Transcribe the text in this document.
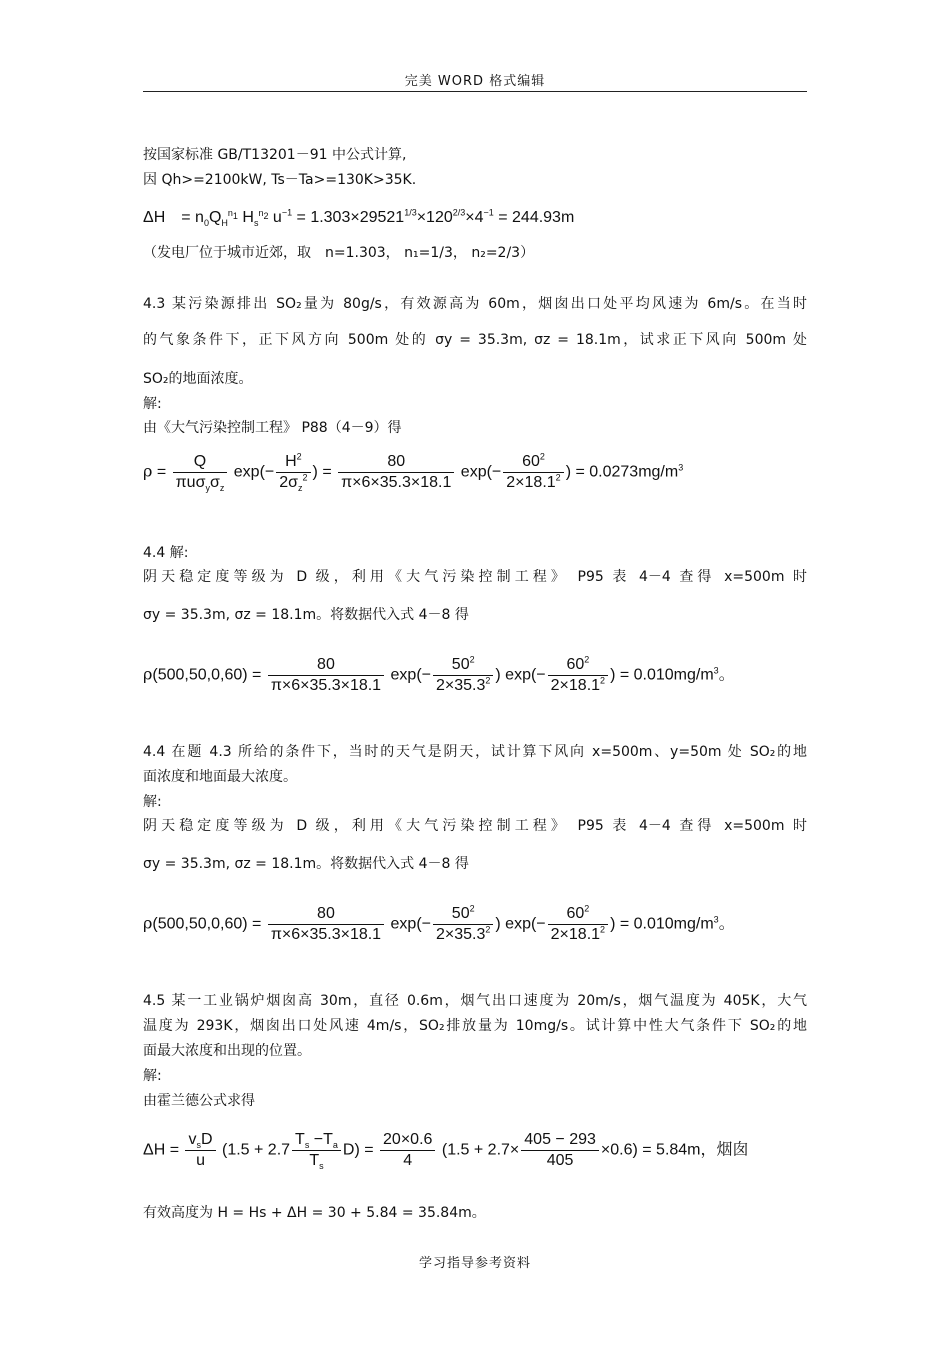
完美 WORD 格式编辑
按国家标准 GB/T13201－91 中公式计算,
因 Qh>=2100kW, Ts－Ta>=130K>35K.
ΔH　= $n_0Q_H^{n_1}$ $H_s^{n_2}$ $u^{-1} = 1.303\times 29521^{1/3}\times 120^{2/3}\times 4^{-1} = 244.93m$
（发电厂位于城市近郊，取　n=1.303， n₁=1/3， n₂=2/3）
4.3 某污染源排出 SO₂量为 80g/s，有效源高为 60m，烟囱出口处平均风速为 6m/s。在当时
的气象条件下，正下风方向 500m 处的 σy = 35.3m, σz = 18.1m，试求正下风向 500m 处
SO₂的地面浓度。
解:
由《大气污染控制工程》 P88（4－9）得
$\rho = \frac{Q}{\pi u\sigma_y\sigma_z} \exp(- \frac{H^2}{2\sigma_z^2}$ ) = $\frac{80}{\pi\times 6\times 35.3\times 18.1} \exp(- \frac{60^2}{2\times 18.1^2}$ ) = $0.0273mg/m^3$
4.4 解:
阴天稳定度等级为 D 级，利用《大气污染控制工程》 P95 表 4－4 查得 x=500m 时
σy = 35.3m, σz = 18.1m。将数据代入式 4－8 得
$\rho(500,50,0,60) = \frac{80}{\pi\times 6\times 35.3\times 18.1} \exp(- \frac{50^2}{2\times 35.3^2}$ ) $\exp(- \frac{60^2}{2\times 18.1^2}$ ) = $0.010mg/m^3$。
4.4 在题 4.3 所给的条件下，当时的天气是阴天，试计算下风向 x=500m、y=50m 处 SO₂的地
面浓度和地面最大浓度。
解:
阴天稳定度等级为 D 级，利用《大气污染控制工程》 P95 表 4－4 查得 x=500m 时
σy = 35.3m, σz = 18.1m。将数据代入式 4－8 得
$\rho(500,50,0,60) = \frac{80}{\pi\times 6\times 35.3\times 18.1} \exp(- \frac{50^2}{2\times 35.3^2}$ ) $\exp(- \frac{60^2}{2\times 18.1^2}$ ) = $0.010mg/m^3$。
4.5 某一工业锅炉烟囱高 30m，直径 0.6m，烟气出口速度为 20m/s，烟气温度为 405K，大气
温度为 293K，烟囱出口处风速 4m/s，SO₂排放量为 10mg/s。试计算中性大气条件下 SO₂的地
面最大浓度和出现的位置。
解:
由霍兰德公式求得
$\Delta H = \frac{v_sD}{u} (1.5 + 2.7 \frac{T_s -T_a}{T_s} D) = \frac{20\times 0.6}{4} (1.5 + 2.7\times \frac{405 - 293}{405} \times 0.6) = 5.84m$，烟囱
有效高度为 H = Hs + ΔH = 30 + 5.84 = 35.84m。
学习指导参考资料
